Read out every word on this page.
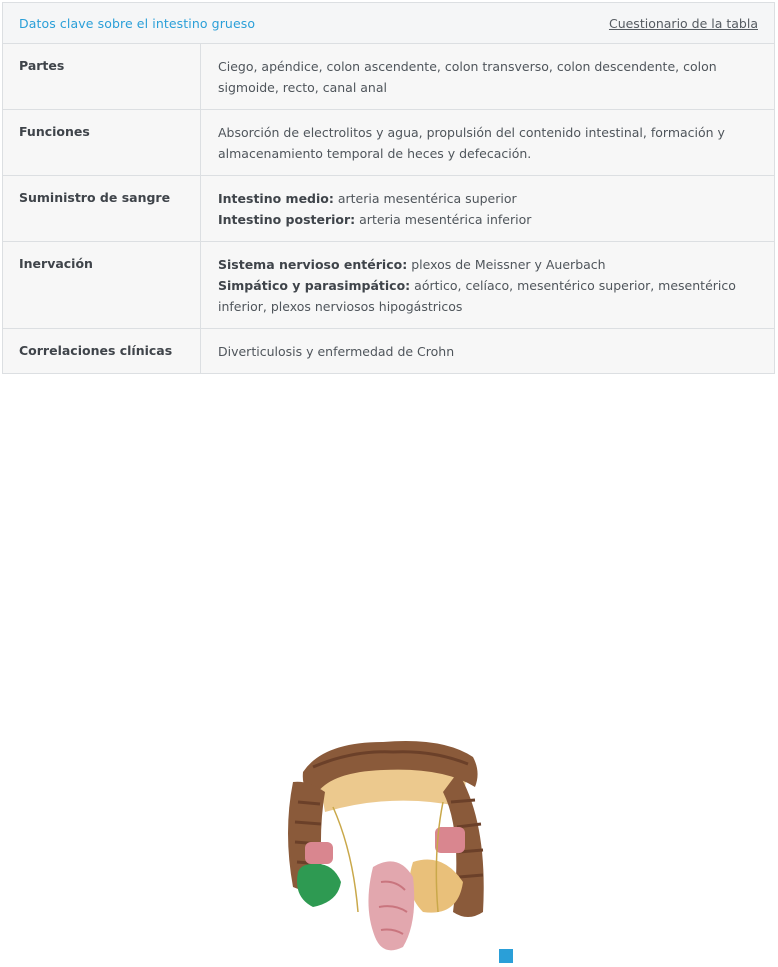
Datos clave sobre el intestino grueso	Cuestionario de la tabla
Partes	Ciego, apéndice, colon ascendente, colon transverso, colon descendente, colon sigmoide, recto, canal anal
Funciones	Absorción de electrolitos y agua, propulsión del contenido intestinal, formación y almacenamiento temporal de heces y defecación.
Suministro de sangre	Intestino medio: arteria mesentérica superior
Intestino posterior: arteria mesentérica inferior
Inervación	Sistema nervioso entérico: plexos de Meissner y Auerbach
Simpático y parasimpático: aórtico, celíaco, mesentérico superior, mesentérico inferior, plexos nerviosos hipogástricos
Correlaciones clínicas	Diverticulosis y enfermedad de Crohn
